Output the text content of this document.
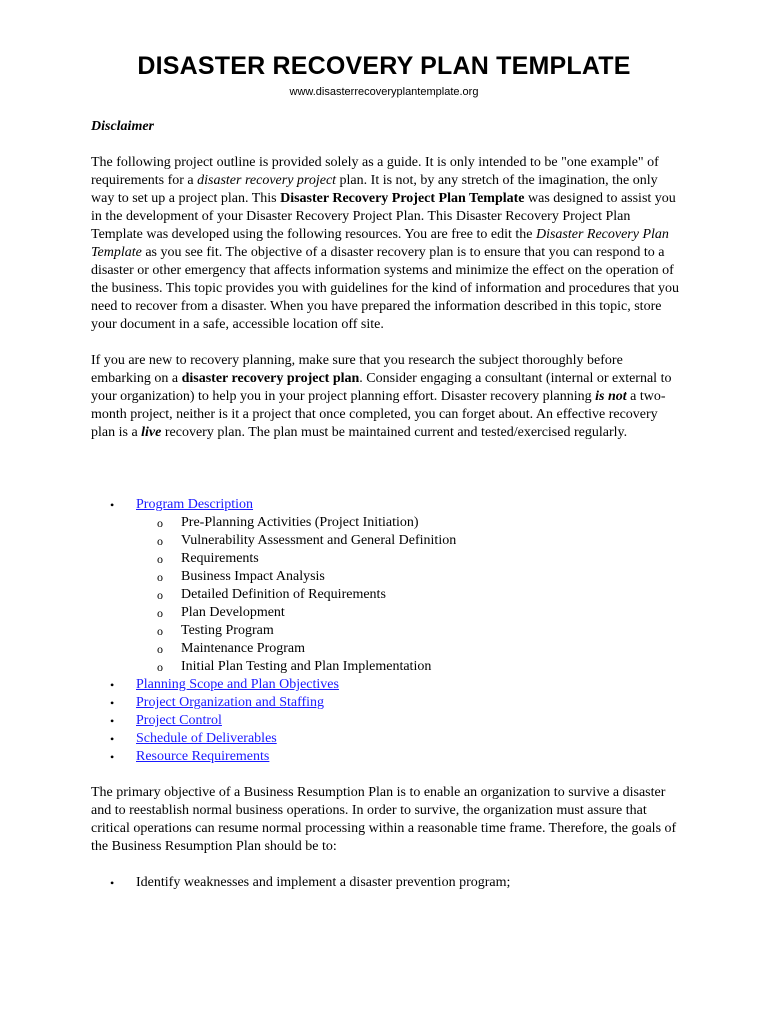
DISASTER RECOVERY PLAN TEMPLATE
www.disasterrecoveryplantemplate.org
Disclaimer

The following project outline is provided solely as a guide. It is only intended to be "one example" of requirements for a disaster recovery project plan. It is not, by any stretch of the imagination, the only way to set up a project plan. This Disaster Recovery Project Plan Template was designed to assist you in the development of your Disaster Recovery Project Plan. This Disaster Recovery Project Plan Template was developed using the following resources. You are free to edit the Disaster Recovery Plan Template as you see fit. The objective of a disaster recovery plan is to ensure that you can respond to a disaster or other emergency that affects information systems and minimize the effect on the operation of the business. This topic provides you with guidelines for the kind of information and procedures that you need to recover from a disaster. When you have prepared the information described in this topic, store your document in a safe, accessible location off site.

If you are new to recovery planning, make sure that you research the subject thoroughly before embarking on a disaster recovery project plan. Consider engaging a consultant (internal or external to your organization) to help you in your project planning effort. Disaster recovery planning is not a two-month project, neither is it a project that once completed, you can forget about. An effective recovery plan is a live recovery plan. The plan must be maintained current and tested/exercised regularly.

• Program Description
o Pre-Planning Activities (Project Initiation)
o Vulnerability Assessment and General Definition
o Requirements
o Business Impact Analysis
o Detailed Definition of Requirements
o Plan Development
o Testing Program
o Maintenance Program
o Initial Plan Testing and Plan Implementation
• Planning Scope and Plan Objectives
• Project Organization and Staffing
• Project Control
• Schedule of Deliverables
• Resource Requirements

The primary objective of a Business Resumption Plan is to enable an organization to survive a disaster and to reestablish normal business operations. In order to survive, the organization must assure that critical operations can resume normal processing within a reasonable time frame. Therefore, the goals of the Business Resumption Plan should be to:

• Identify weaknesses and implement a disaster prevention program;
